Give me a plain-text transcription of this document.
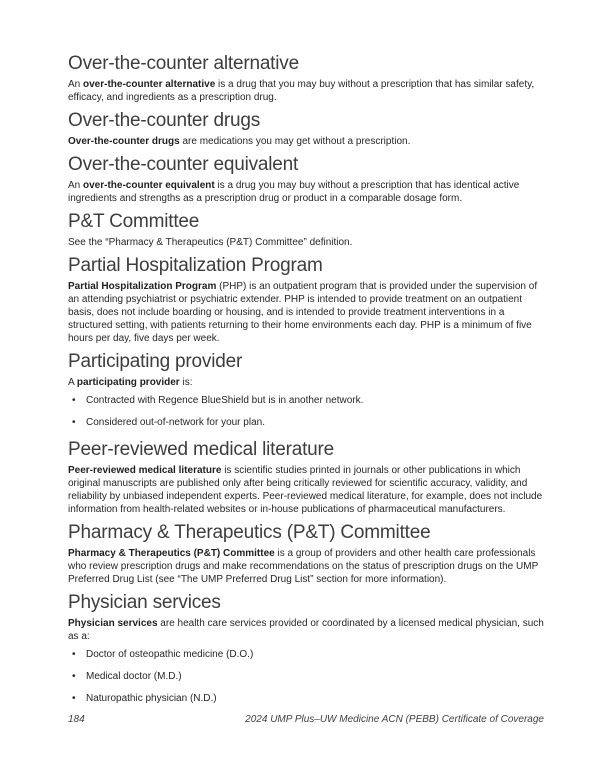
Over-the-counter alternative

An over-the-counter alternative is a drug that you may buy without a prescription that has similar safety, efficacy, and ingredients as a prescription drug.

Over-the-counter drugs

Over-the-counter drugs are medications you may get without a prescription.

Over-the-counter equivalent

An over-the-counter equivalent is a drug you may buy without a prescription that has identical active ingredients and strengths as a prescription drug or product in a comparable dosage form.

P&T Committee

See the “Pharmacy & Therapeutics (P&T) Committee” definition.

Partial Hospitalization Program

Partial Hospitalization Program (PHP) is an outpatient program that is provided under the supervision of an attending psychiatrist or psychiatric extender. PHP is intended to provide treatment on an outpatient basis, does not include boarding or housing, and is intended to provide treatment interventions in a structured setting, with patients returning to their home environments each day. PHP is a minimum of five hours per day, five days per week.

Participating provider

A participating provider is:

• Contracted with Regence BlueShield but is in another network.
• Considered out-of-network for your plan.
Peer-reviewed medical literature

Peer-reviewed medical literature is scientific studies printed in journals or other publications in which original manuscripts are published only after being critically reviewed for scientific accuracy, validity, and reliability by unbiased independent experts. Peer-reviewed medical literature, for example, does not include information from health-related websites or in-house publications of pharmaceutical manufacturers.

Pharmacy & Therapeutics (P&T) Committee

Pharmacy & Therapeutics (P&T) Committee is a group of providers and other health care professionals who review prescription drugs and make recommendations on the status of prescription drugs on the UMP Preferred Drug List (see “The UMP Preferred Drug List” section for more information).

Physician services

Physician services are health care services provided or coordinated by a licensed medical physician, such as a:

• Doctor of osteopathic medicine (D.O.)
• Medical doctor (M.D.)
• Naturopathic physician (N.D.)
184	2024 UMP Plus–UW Medicine ACN (PEBB) Certificate of Coverage
